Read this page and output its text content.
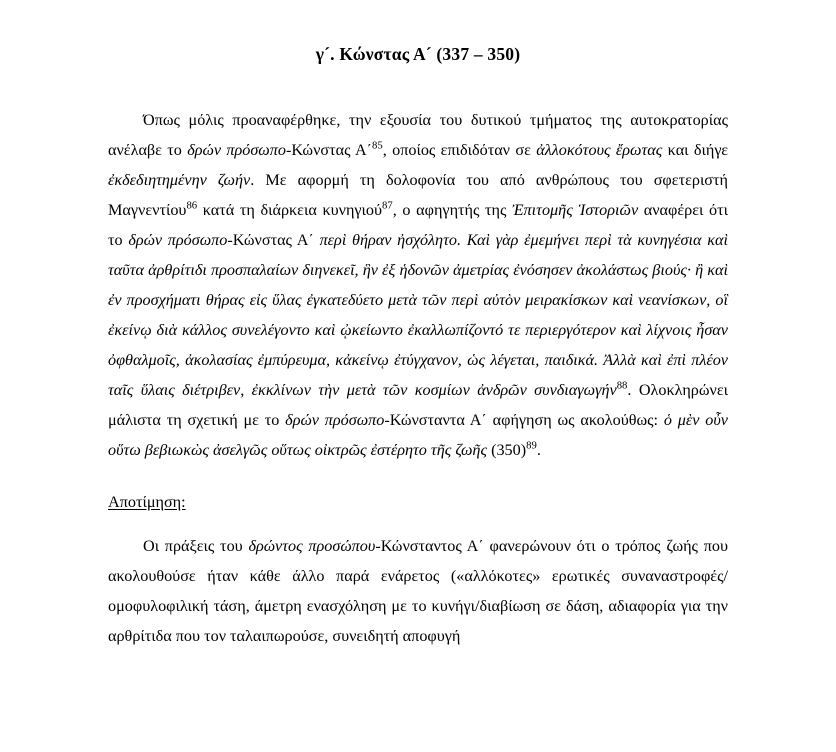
γ´. Κώνστας Α´ (337 – 350)

Όπως μόλις προαναφέρθηκε, την εξουσία του δυτικού τμήματος της αυτοκρατορίας ανέλαβε το δρών πρόσωπο-Κώνστας Α΄$^{85}$, οποίος επιδιδόταν σε ἀλλοκότους ἔρωτας και διήγε ἐκδεδιητημένην ζωήν. Με αφορμή τη δολοφονία του από ανθρώπους του σφετεριστή Μαγνεντίου$^{86}$ κατά τη διάρκεια κυνηγιού$^{87}$, ο αφηγητής της Ἐπιτομῆς Ἱστοριῶν αναφέρει ότι το δρών πρόσωπο-Κώνστας Α΄ περὶ θήραν ἠσχόλητο. Καὶ γὰρ ἐμεμήνει περὶ τὰ κυνηγέσια καὶ ταῦτα ἀρθρίτιδι προσπαλαίων διηνεκεῖ, ἣν ἐξ ἡδονῶν ἀμετρίας ἐνόσησεν ἀκολάστως βιούς· ἢ καὶ ἐν προσχήματι θήρας εἰς ὕλας ἐγκατεδύετο μετὰ τῶν περὶ αὐτὸν μειρακίσκων καὶ νεανίσκων, οἳ ἐκείνῳ διὰ κάλλος συνελέγοντο καὶ ᾠκείωντο ἐκαλλωπίζοντό τε περιεργότερον καὶ λίχνοις ἦσαν ὀφθαλμοῖς, ἀκολασίας ἐμπύρευμα, κἀκείνῳ ἐτύγχανον, ὡς λέγεται, παιδικά. Ἀλλὰ καὶ ἐπὶ πλέον ταῖς ὕλαις διέτριβεν, ἐκκλίνων τὴν μετὰ τῶν κοσμίων ἀνδρῶν συνδιαγωγήν$^{88}$. Ολοκληρώνει μάλιστα τη σχετική με το δρών πρόσωπο-Κώνσταντα Α΄ αφήγηση ως ακολούθως: ὁ μὲν οὖν οὕτω βεβιωκὼς ἀσελγῶς οὕτως οἰκτρῶς ἐστέρητο τῆς ζωῆς (350)$^{89}$.

Αποτίμηση:

Οι πράξεις του δρώντος προσώπου-Κώνσταντος Α΄ φανερώνουν ότι ο τρόπος ζωής που ακολουθούσε ήταν κάθε άλλο παρά ενάρετος («αλλόκοτες» ερωτικές συναναστροφές/ομοφυλοφιλική τάση, άμετρη ενασχόληση με το κυνήγι/διαβίωση σε δάση, αδιαφορία για την αρθρίτιδα που τον ταλαιπωρούσε, συνειδητή αποφυγή
